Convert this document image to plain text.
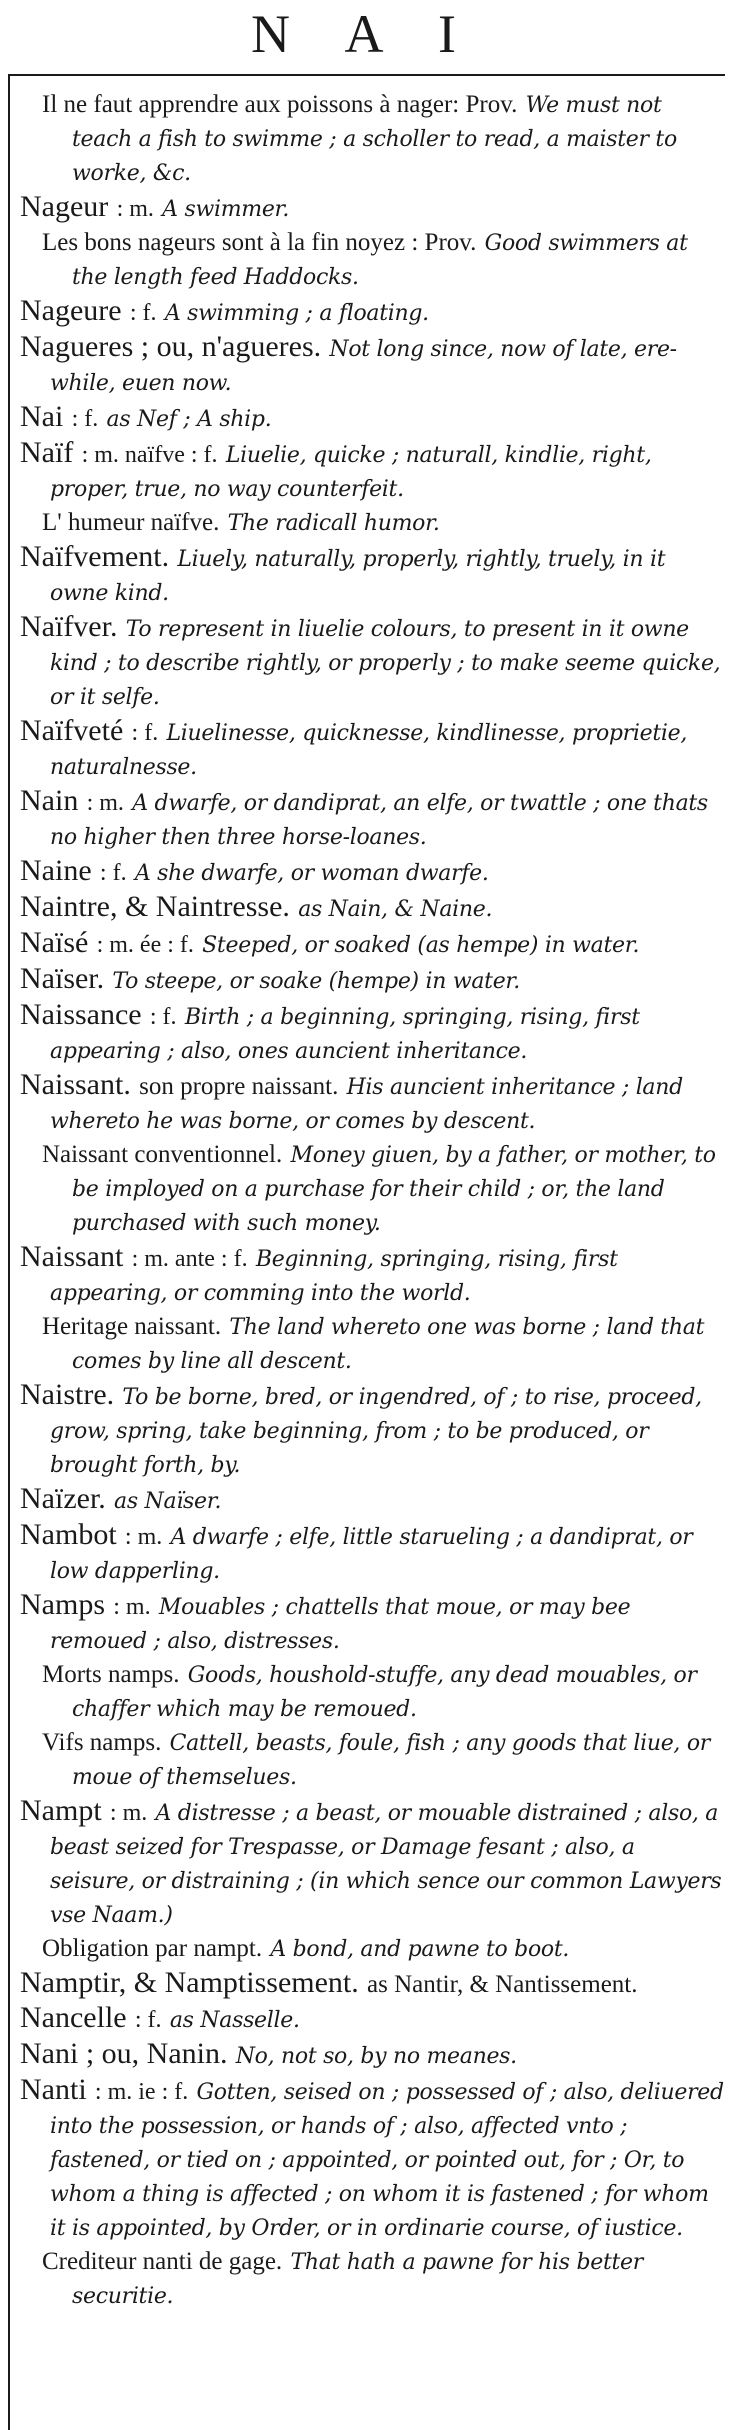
N A I
Il ne faut apprendre aux poissons à nager: Prov. We must not teach a fish to swimme ; a scholler to read, a maister to worke, &c.
Nageur : m. A swimmer.
Les bons nageurs sont à la fin noyez : Prov. Good swimmers at the length feed Haddocks.
Nageure : f. A swimming ; a floating.
Nagueres ; ou, n'agueres. Not long since, now of late, ere-while, euen now.
Nai : f. as Nef ; A ship.
Naïf : m. naïfve : f. Liuelie, quicke ; naturall, kindlie, right, proper, true, no way counterfeit.
L' humeur naïfve. The radicall humor.
Naïfvement. Liuely, naturally, properly, rightly, truely, in it owne kind.
Naïfver. To represent in liuelie colours, to present in it owne kind ; to describe rightly, or properly ; to make seeme quicke, or it selfe.
Naïfveté : f. Liuelinesse, quicknesse, kindlinesse, proprietie, naturalnesse.
Nain : m. A dwarfe, or dandiprat, an elfe, or twattle ; one thats no higher then three horse-loanes.
Naine : f. A she dwarfe, or woman dwarfe.
Naintre, & Naintresse. as Nain, & Naine.
Naïsé : m. ée : f. Steeped, or soaked (as hempe) in water.
Naïser. To steepe, or soake (hempe) in water.
Naissance : f. Birth ; a beginning, springing, rising, first appearing ; also, ones auncient inheritance.
Naissant. son propre naissant. His auncient inheritance ; land whereto he was borne, or comes by descent.
Naissant conventionnel. Money giuen, by a father, or mother, to be imployed on a purchase for their child ; or, the land purchased with such money.
Naissant : m. ante : f. Beginning, springing, rising, first appearing, or comming into the world.
Heritage naissant. The land whereto one was borne ; land that comes by line all descent.
Naistre. To be borne, bred, or ingendred, of ; to rise, proceed, grow, spring, take beginning, from ; to be produced, or brought forth, by.
Naïzer. as Naïser.
Nambot : m. A dwarfe ; elfe, little starueling ; a dandiprat, or low dapperling.
Namps : m. Mouables ; chattells that moue, or may bee remoued ; also, distresses.
Morts namps. Goods, houshold-stuffe, any dead mouables, or chaffer which may be remoued.
Vifs namps. Cattell, beasts, foule, fish ; any goods that liue, or moue of themselues.
Nampt : m. A distresse ; a beast, or mouable distrained ; also, a beast seized for Trespasse, or Damage fesant ; also, a seisure, or distraining ; (in which sence our common Lawyers vse Naam.)
Obligation par nampt. A bond, and pawne to boot.
Namptir, & Namptissement. as Nantir, & Nantissement.
Nancelle : f. as Nasselle.
Nani ; ou, Nanin. No, not so, by no meanes.
Nanti : m. ie : f. Gotten, seised on ; possessed of ; also, deliuered into the possession, or hands of ; also, affected vnto ; fastened, or tied on ; appointed, or pointed out, for ; Or, to whom a thing is affected ; on whom it is fastened ; for whom it is appointed, by Order, or in ordinarie course, of iustice.
Crediteur nanti de gage. That hath a pawne for his better securitie.
